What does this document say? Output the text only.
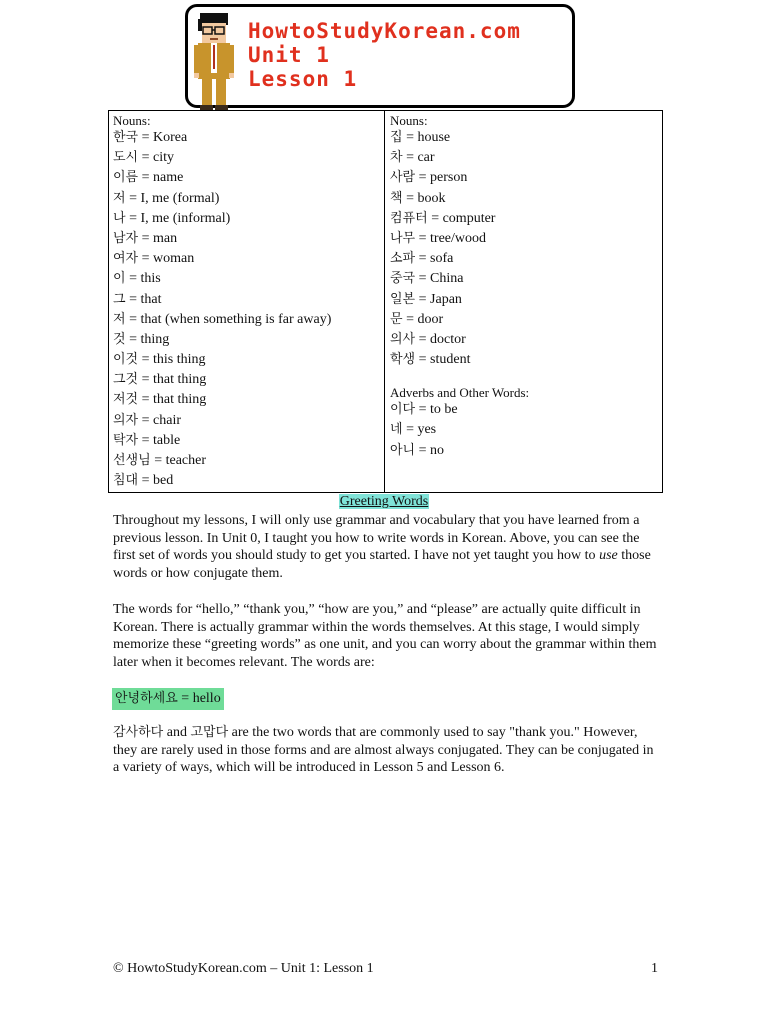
HowtoStudyKorean.com
Unit 1
Lesson 1
Nouns:
한국 = Korea
도시 = city
이름 = name
저 = I, me (formal)
나 = I, me (informal)
남자 = man
여자 = woman
이 = this
그 = that
저 = that (when something is far away)
것 = thing
이것 = this thing
그것 = that thing
저것 = that thing
의자 = chair
탁자 = table
선생님 = teacher
침대 = bed
Nouns:
집 = house
차 = car
사람 = person
책 = book
컴퓨터 = computer
나무 = tree/wood
소파 = sofa
중국 = China
일본 = Japan
문 = door
의사 = doctor
학생 = student
Adverbs and Other Words:
이다 = to be
네 = yes
아니 = no
Greeting Words

Throughout my lessons, I will only use grammar and vocabulary that you have learned from a previous lesson. In Unit 0, I taught you how to write words in Korean. Above, you can see the first set of words you should study to get you started. I have not yet taught you how to use those words or how conjugate them.

The words for “hello,” “thank you,” “how are you,” and “please” are actually quite difficult in Korean. There is actually grammar within the words themselves. At this stage, I would simply memorize these “greeting words” as one unit, and you can worry about the grammar within them later when it becomes relevant. The words are:

안녕하세요 = hello

감사하다 and 고맙다 are the two words that are commonly used to say "thank you." However, they are rarely used in those forms and are almost always conjugated. They can be conjugated in a variety of ways, which will be introduced in Lesson 5 and Lesson 6.

© HowtoStudyKorean.com – Unit 1: Lesson 1	1
